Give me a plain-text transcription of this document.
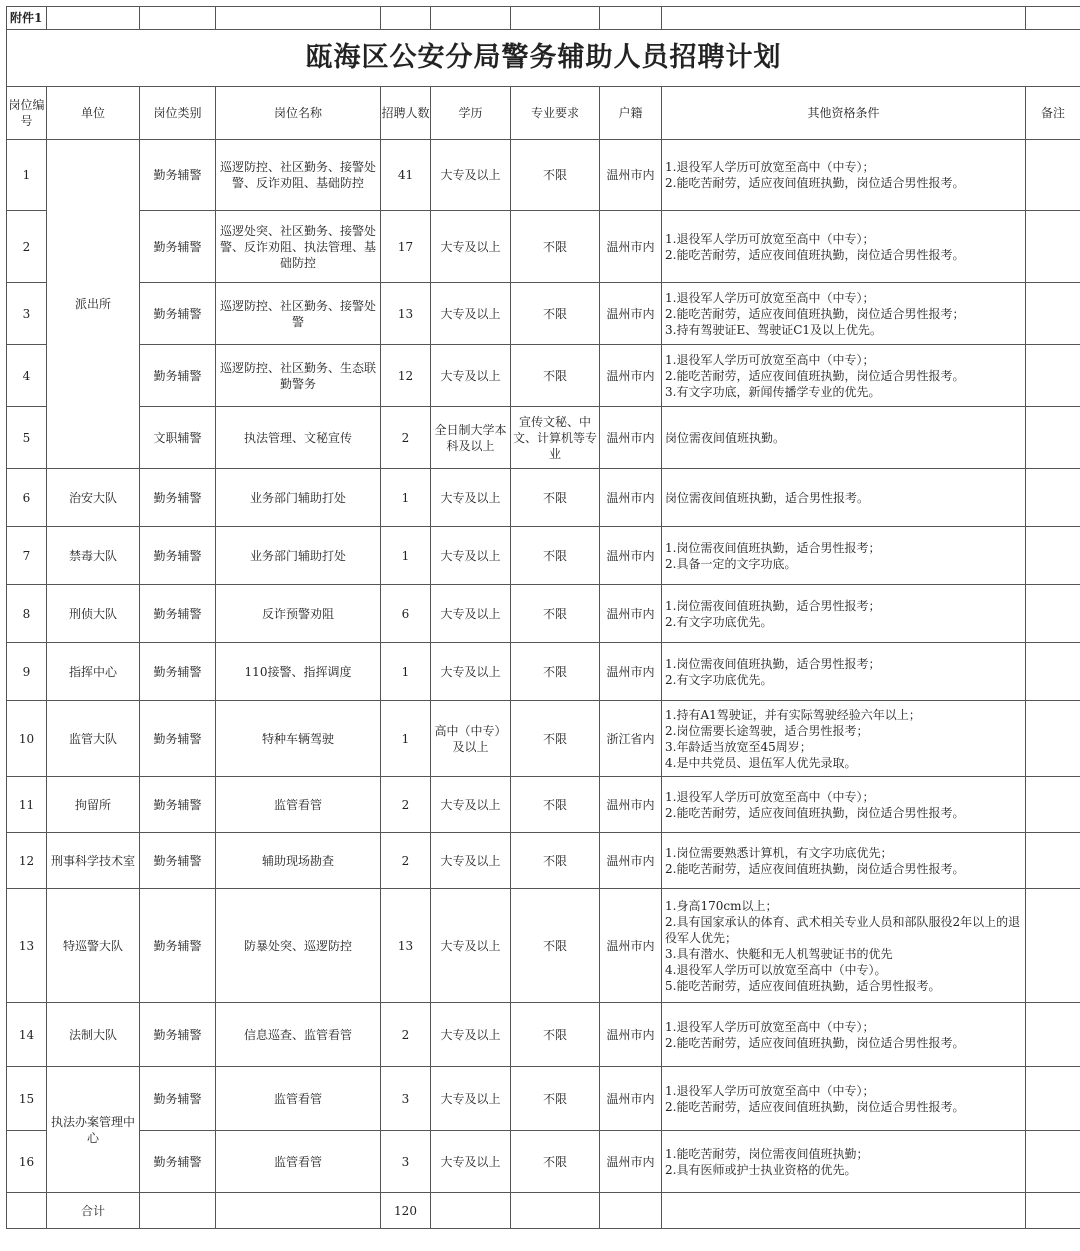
附件1									
瓯海区公安分局警务辅助人员招聘计划									
岗位编号	单位	岗位类别	岗位名称	招聘人数	学历	专业要求	户籍	其他资格条件	备注
1	派出所	勤务辅警	巡逻防控、社区勤务、接警处警、反诈劝阻、基础防控	41	大专及以上	不限	温州市内	1.退役军人学历可放宽至高中（中专）；
2.能吃苦耐劳，适应夜间值班执勤，岗位适合男性报考。	

2		勤务辅警	巡逻处突、社区勤务、接警处警、反诈劝阻、执法管理、基础防控	17	大专及以上	不限	温州市内	1.退役军人学历可放宽至高中（中专）；
2.能吃苦耐劳，适应夜间值班执勤，岗位适合男性报考。	

3		勤务辅警	巡逻防控、社区勤务、接警处警	13	大专及以上	不限	温州市内	1.退役军人学历可放宽至高中（中专）；
2.能吃苦耐劳，适应夜间值班执勤，岗位适合男性报考；
3.持有驾驶证E、驾驶证C1及以上优先。	

4		勤务辅警	巡逻防控、社区勤务、生态联勤警务	12	大专及以上	不限	温州市内	1.退役军人学历可放宽至高中（中专）；
2.能吃苦耐劳，适应夜间值班执勤，岗位适合男性报考。
3.有文字功底，新闻传播学专业的优先。	

5		文职辅警	执法管理、文秘宣传	2	全日制大学本科及以上	宣传文秘、中文、计算机等专业	温州市内	岗位需夜间值班执勤。	

6	治安大队	勤务辅警	业务部门辅助打处	1	大专及以上	不限	温州市内	岗位需夜间值班执勤，适合男性报考。	

7	禁毒大队	勤务辅警	业务部门辅助打处	1	大专及以上	不限	温州市内	1.岗位需夜间值班执勤，适合男性报考；
2.具备一定的文字功底。	

8	刑侦大队	勤务辅警	反诈预警劝阻	6	大专及以上	不限	温州市内	1.岗位需夜间值班执勤，适合男性报考；
2.有文字功底优先。	

9	指挥中心	勤务辅警	110接警、指挥调度	1	大专及以上	不限	温州市内	1.岗位需夜间值班执勤，适合男性报考；
2.有文字功底优先。	

10	监管大队	勤务辅警	特种车辆驾驶	1	高中（中专）及以上	不限	浙江省内	1.持有A1驾驶证，并有实际驾驶经验六年以上；
2.岗位需要长途驾驶，适合男性报考；
3.年龄适当放宽至45周岁；
4.是中共党员、退伍军人优先录取。	

11	拘留所	勤务辅警	监管看管	2	大专及以上	不限	温州市内	1.退役军人学历可放宽至高中（中专）；
2.能吃苦耐劳，适应夜间值班执勤，岗位适合男性报考。	

12	刑事科学技术室	勤务辅警	辅助现场勘查	2	大专及以上	不限	温州市内	1.岗位需要熟悉计算机，有文字功底优先；
2.能吃苦耐劳，适应夜间值班执勤，岗位适合男性报考。	

13	特巡警大队	勤务辅警	防暴处突、巡逻防控	13	大专及以上	不限	温州市内	1.身高170cm以上；
2.具有国家承认的体育、武术相关专业人员和部队服役2年以上的退役军人优先；
3.具有潜水、快艇和无人机驾驶证书的优先
4.退役军人学历可以放宽至高中（中专）。
5.能吃苦耐劳，适应夜间值班执勤，适合男性报考。	

14	法制大队	勤务辅警	信息巡查、监管看管	2	大专及以上	不限	温州市内	1.退役军人学历可放宽至高中（中专）；
2.能吃苦耐劳，适应夜间值班执勤，岗位适合男性报考。	

15	执法办案管理中心	勤务辅警	监管看管	3	大专及以上	不限	温州市内	1.退役军人学历可放宽至高中（中专）；
2.能吃苦耐劳，适应夜间值班执勤，岗位适合男性报考。	

16		勤务辅警	监管看管	3	大专及以上	不限	温州市内	1.能吃苦耐劳，岗位需夜间值班执勤；
2.具有医师或护士执业资格的优先。	

	合计			120					
